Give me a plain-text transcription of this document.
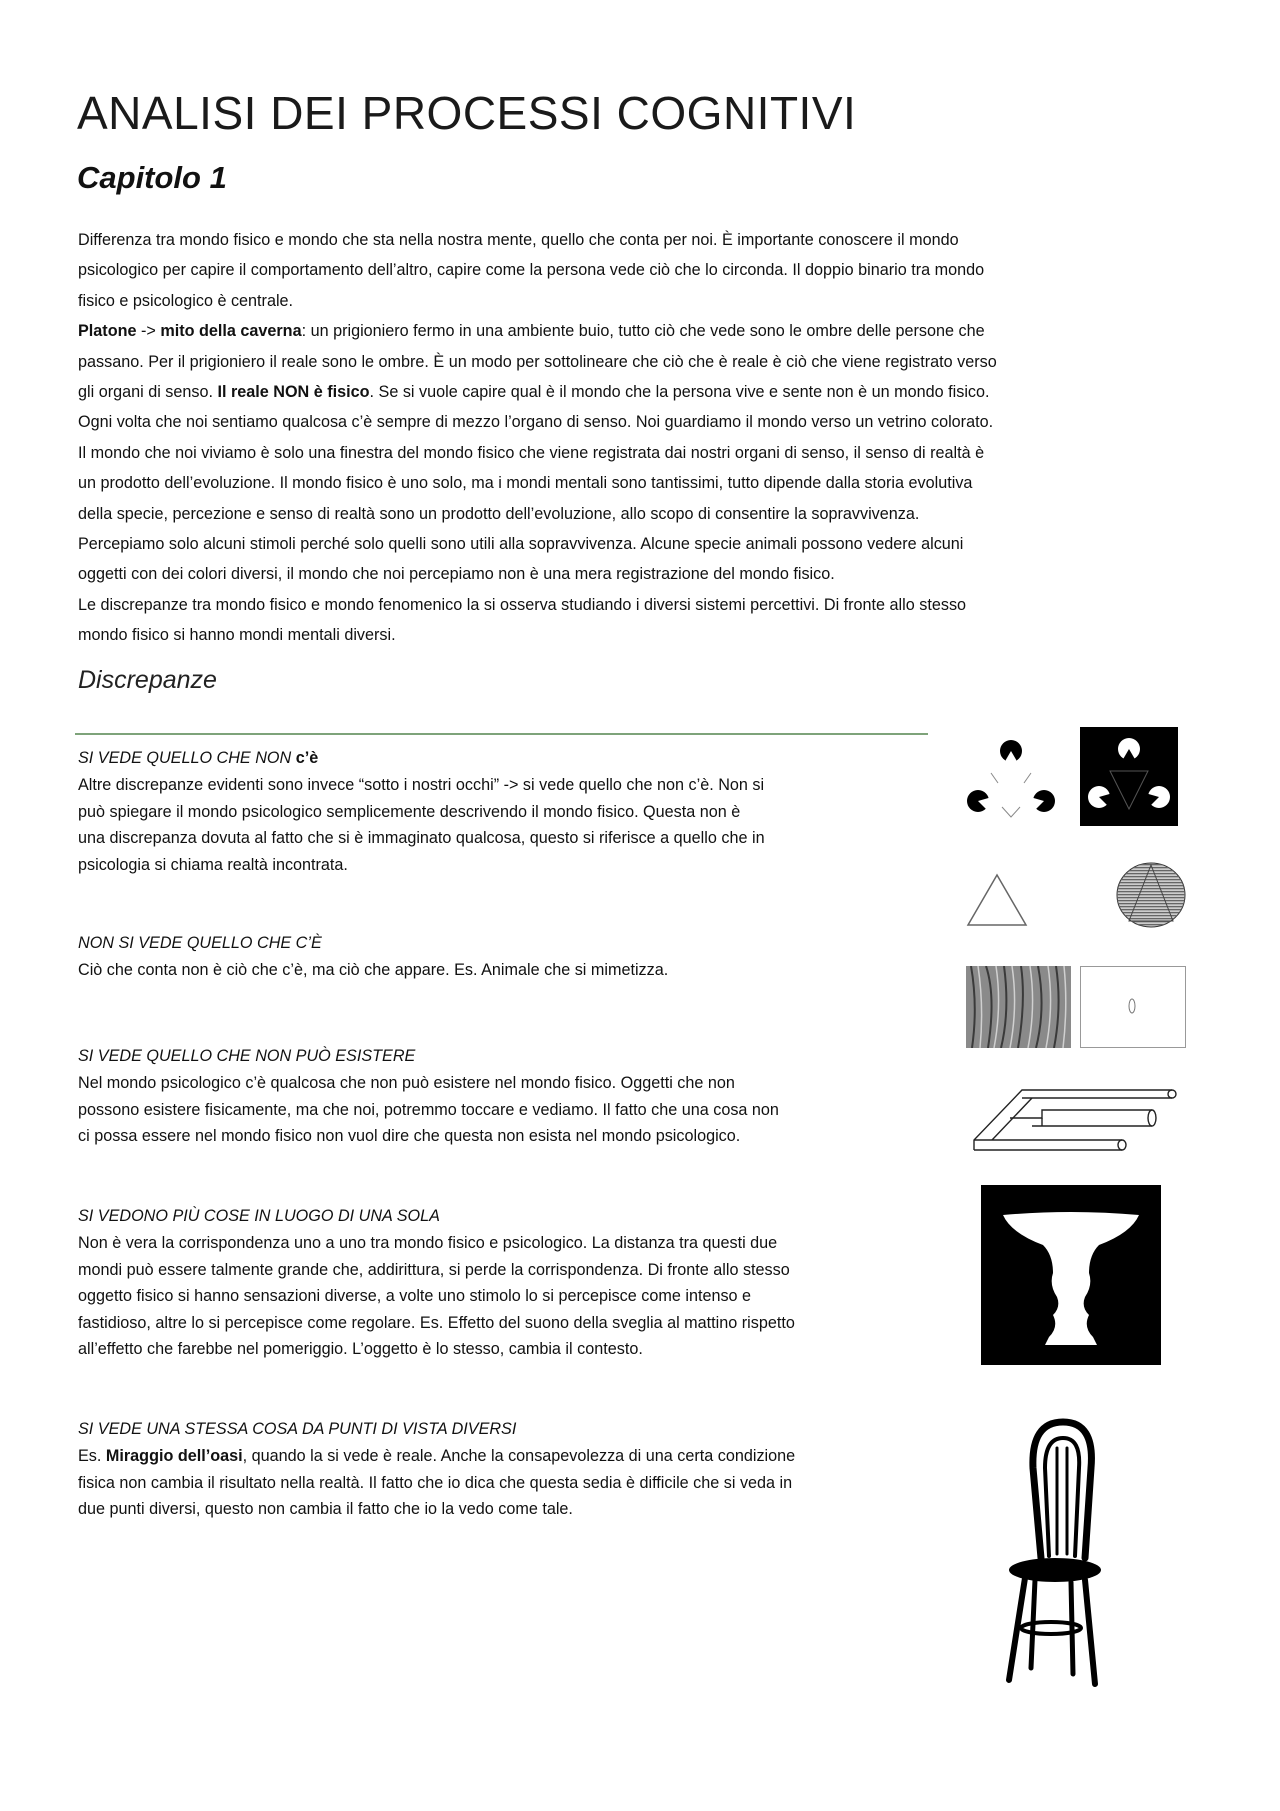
ANALISI DEI PROCESSI COGNITIVI
Capitolo 1
Differenza tra mondo fisico e mondo che sta nella nostra mente, quello che conta per noi. È importante conoscere il mondo
psicologico per capire il comportamento dell’altro, capire come la persona vede ciò che lo circonda. Il doppio binario tra mondo
fisico e psicologico è centrale.
Platone -> mito della caverna: un prigioniero fermo in una ambiente buio, tutto ciò che vede sono le ombre delle persone che
passano. Per il prigioniero il reale sono le ombre. È un modo per sottolineare che ciò che è reale è ciò che viene registrato verso
gli organi di senso. Il reale NON è fisico. Se si vuole capire qual è il mondo che la persona vive e sente non è un mondo fisico.
Ogni volta che noi sentiamo qualcosa c’è sempre di mezzo l’organo di senso. Noi guardiamo il mondo verso un vetrino colorato.
Il mondo che noi viviamo è solo una finestra del mondo fisico che viene registrata dai nostri organi di senso, il senso di realtà è
un prodotto dell’evoluzione. Il mondo fisico è uno solo, ma i mondi mentali sono tantissimi, tutto dipende dalla storia evolutiva
della specie, percezione e senso di realtà sono un prodotto dell’evoluzione, allo scopo di consentire la sopravvivenza.
Percepiamo solo alcuni stimoli perché solo quelli sono utili alla sopravvivenza. Alcune specie animali possono vedere alcuni
oggetti con dei colori diversi, il mondo che noi percepiamo non è una mera registrazione del mondo fisico.
Le discrepanze tra mondo fisico e mondo fenomenico la si osserva studiando i diversi sistemi percettivi. Di fronte allo stesso
mondo fisico si hanno mondi mentali diversi.
Discrepanze
SI VEDE QUELLO CHE NON c’è
Altre discrepanze evidenti sono invece “sotto i nostri occhi” -> si vede quello che non c’è. Non si
può spiegare il mondo psicologico semplicemente descrivendo il mondo fisico. Questa non è
una discrepanza dovuta al fatto che si è immaginato qualcosa, questo si riferisce a quello che in
psicologia si chiama realtà incontrata.
NON SI VEDE QUELLO CHE C’È
Ciò che conta non è ciò che c’è, ma ciò che appare. Es. Animale che si mimetizza.
SI VEDE QUELLO CHE NON PUÒ ESISTERE
Nel mondo psicologico c’è qualcosa che non può esistere nel mondo fisico. Oggetti che non
possono esistere fisicamente, ma che noi, potremmo toccare e vediamo. Il fatto che una cosa non
ci possa essere nel mondo fisico non vuol dire che questa non esista nel mondo psicologico.
SI VEDONO PIÙ COSE IN LUOGO DI UNA SOLA
Non è vera la corrispondenza uno a uno tra mondo fisico e psicologico. La distanza tra questi due
mondi può essere talmente grande che, addirittura, si perde la corrispondenza. Di fronte allo stesso
oggetto fisico si hanno sensazioni diverse, a volte uno stimolo lo si percepisce come intenso e
fastidioso, altre lo si percepisce come regolare. Es. Effetto del suono della sveglia al mattino rispetto
all’effetto che farebbe nel pomeriggio. L’oggetto è lo stesso, cambia il contesto.
SI VEDE UNA STESSA COSA DA PUNTI DI VISTA DIVERSI
Es. Miraggio dell’oasi, quando la si vede è reale. Anche la consapevolezza di una certa condizione
fisica non cambia il risultato nella realtà. Il fatto che io dica che questa sedia è difficile che si veda in
due punti diversi, questo non cambia il fatto che io la vedo come tale.
